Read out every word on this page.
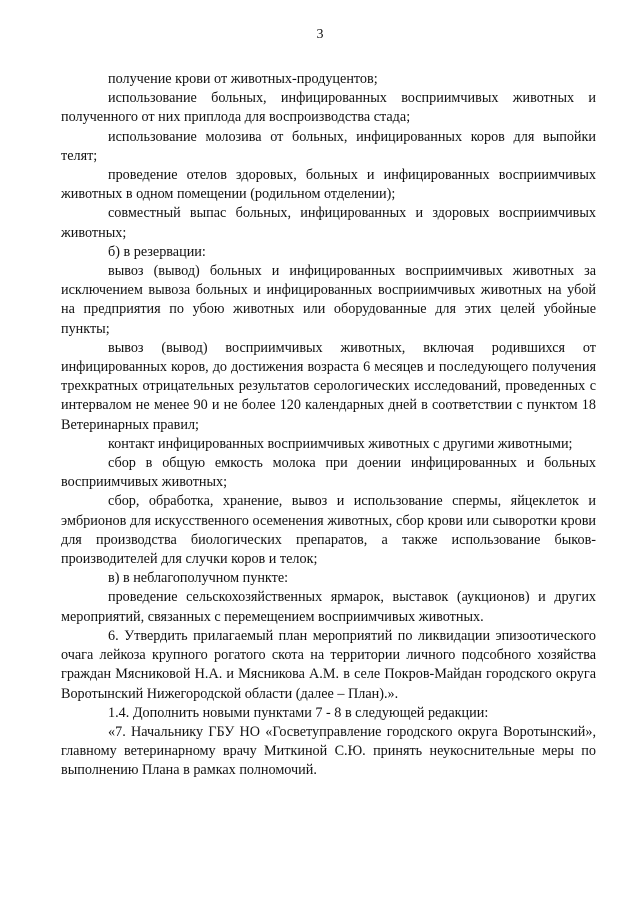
3

получение крови от животных-продуцентов;

использование больных, инфицированных восприимчивых животных и полученного от них приплода для воспроизводства стада;

использование молозива от больных, инфицированных коров для выпойки телят;

проведение отелов здоровых, больных и инфицированных восприимчивых животных в одном помещении (родильном отделении);

совместный выпас больных, инфицированных и здоровых восприимчивых животных;

б) в резервации:

вывоз (вывод) больных и инфицированных восприимчивых животных за исключением вывоза больных и инфицированных восприимчивых животных на убой на предприятия по убою животных или оборудованные для этих целей убойные пункты;

вывоз (вывод) восприимчивых животных, включая родившихся от инфицированных коров, до достижения возраста 6 месяцев и последующего получения трехкратных отрицательных результатов серологических исследований, проведенных с интервалом не менее 90 и не более 120 календарных дней в соответствии с пунктом 18 Ветеринарных правил;

контакт инфицированных восприимчивых животных с другими животными;

сбор в общую емкость молока при доении инфицированных и больных восприимчивых животных;

сбор, обработка, хранение, вывоз и использование спермы, яйцеклеток и эмбрионов для искусственного осеменения животных, сбор крови или сыворотки крови для производства биологических препаратов, а также использование быков-производителей для случки коров и телок;

в) в неблагополучном пункте:

проведение сельскохозяйственных ярмарок, выставок (аукционов) и других мероприятий, связанных с перемещением восприимчивых животных.

6. Утвердить прилагаемый план мероприятий по ликвидации эпизоотического очага лейкоза крупного рогатого скота на территории личного подсобного хозяйства граждан Мясниковой Н.А. и Мясникова А.М. в селе Покров-Майдан городского округа Воротынский Нижегородской области (далее – План).».

1.4. Дополнить новыми пунктами 7 - 8 в следующей редакции:

«7. Начальнику ГБУ НО «Госветуправление городского округа Воротынский», главному ветеринарному врачу Миткиной С.Ю. принять неукоснительные меры по выполнению Плана в рамках полномочий.
